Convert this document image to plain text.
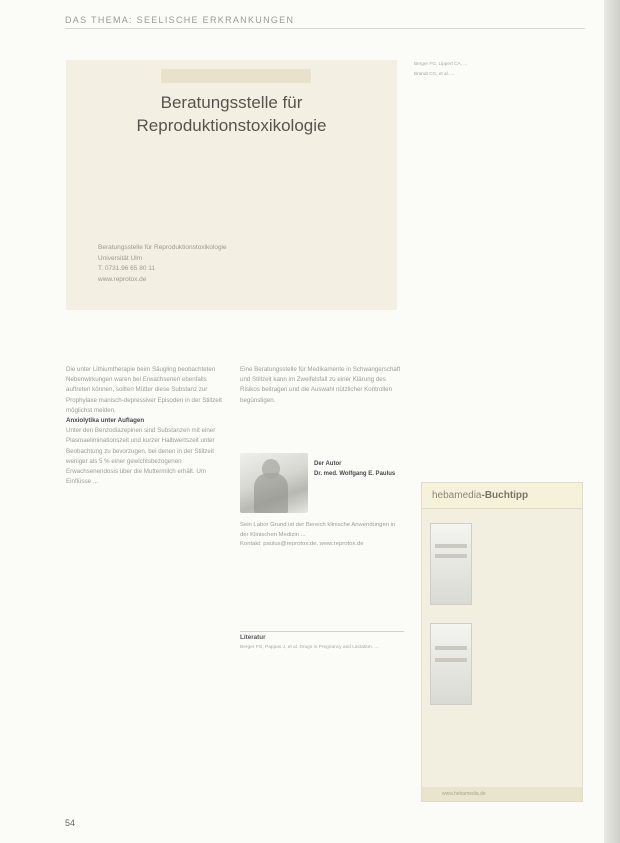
DAS THEMA: SEELISCHE ERKRANKUNGEN
Beratungsstelle für
Reproduktionstoxikologie
Beratungsstelle für Reproduktionstoxikologie
Universität Ulm
T. 0731.96 65 80 11
www.reprotox.de

Berger FG, Lippert CA, ...

Brandt CG, et al. ...

Die unter Lithiumtherapie beim Säugling beobachteten Nebenwirkungen waren bei Erwachsenen ebenfalls auftreten können, sollten Mütter diese Substanz zur Prophylaxe manisch-depressiver Episoden in der Stillzeit möglichst meiden.

Anxiolytika unter Auflagen

Unter den Benzodiazepinen sind Substanzen mit einer Plasmaeliminationszeit und kurzer Halbwertszeit unter Beobachtung zu bevorzugen, bei denen in der Stillzeit weniger als 5 % einer gewichtsbezogenen Erwachsenendosis über die Muttermilch erhält. Um Einflüsse ...

Eine Beratungsstelle für Medikamente in Schwangerschaft und Stillzeit kann im Zweifelsfall zu einer Klärung des Risikos beitragen und die Auswahl nützlicher Kontrollen begünstigen.

Der Autor
Dr. med. Wolfgang E. Paulus

Sein Labor Grund ist der Bereich klinische Anwendungen in der Klinischen Medizin ...

Kontakt: paulus@reprotox.de, www.reprotox.de

Literatur
Berger FG, Pappas J, et al. Drugs in Pregnancy and Lactation. ...
hebamedia-Buchtipp
www.hebamedia.de
54
